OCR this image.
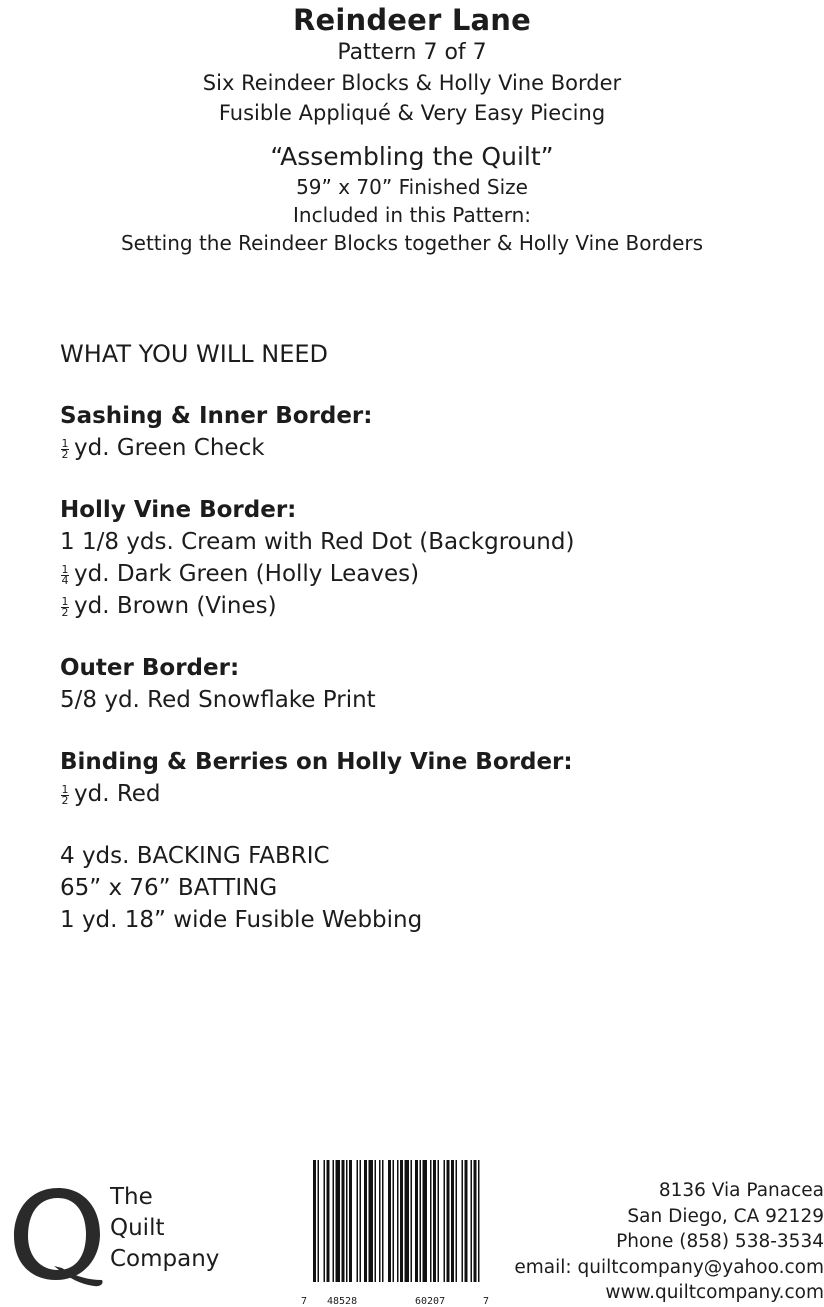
Reindeer Lane
Pattern 7 of 7
Six Reindeer Blocks & Holly Vine Border
Fusible Appliqué & Very Easy Piecing
“Assembling the Quilt”
59” x 70” Finished Size
Included in this Pattern:
Setting the Reindeer Blocks together & Holly Vine Borders
WHAT YOU WILL NEED
Sashing & Inner Border:
$\frac{1}{2}$ yd. Green Check
Holly Vine Border:
1 1/8 yds. Cream with Red Dot (Background)
$\frac{1}{4}$ yd. Dark Green (Holly Leaves)
$\frac{1}{2}$ yd. Brown (Vines)
Outer Border:
5/8 yd. Red Snowflake Print
Binding & Berries on Holly Vine Border:
$\frac{1}{2}$ yd. Red
4 yds. BACKING FABRIC
65” x 76” BATTING
1 yd. 18” wide Fusible Webbing
The
Quilt
Company
7 48528	60207	7
8136 Via Panacea
San Diego, CA 92129
Phone (858) 538-3534
email: quiltcompany@yahoo.com
www.quiltcompany.com
